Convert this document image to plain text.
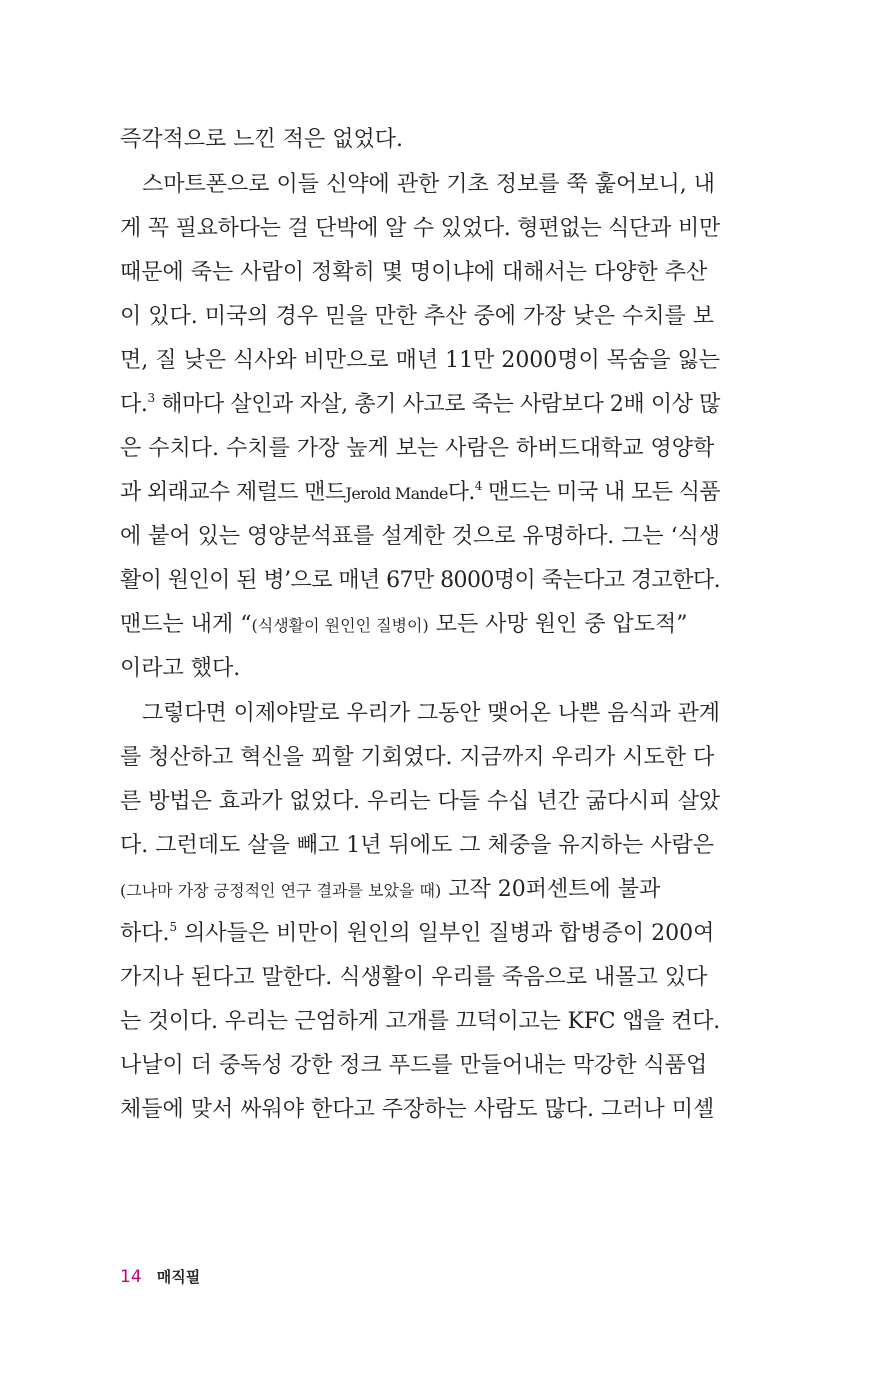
즉각적으로 느낀 적은 없었다.
스마트폰으로 이들 신약에 관한 기초 정보를 쭉 훑어보니, 내
게 꼭 필요하다는 걸 단박에 알 수 있었다. 형편없는 식단과 비만
때문에 죽는 사람이 정확히 몇 명이냐에 대해서는 다양한 추산
이 있다. 미국의 경우 믿을 만한 추산 중에 가장 낮은 수치를 보
면, 질 낮은 식사와 비만으로 매년 11만 2000명이 목숨을 잃는
다.$^3$ 해마다 살인과 자살, 총기 사고로 죽는 사람보다 2배 이상 많
은 수치다. 수치를 가장 높게 보는 사람은 하버드대학교 영양학
과 외래교수 제럴드 맨드Jerold Mande다.$^4$ 맨드는 미국 내 모든 식품
에 붙어 있는 영양분석표를 설계한 것으로 유명하다. 그는 ‘식생
활이 원인이 된 병’으로 매년 67만 8000명이 죽는다고 경고한다.
맨드는 내게 “(식생활이 원인인 질병이) 모든 사망 원인 중 압도적”
이라고 했다.
그렇다면 이제야말로 우리가 그동안 맺어온 나쁜 음식과 관계
를 청산하고 혁신을 꾀할 기회였다. 지금까지 우리가 시도한 다
른 방법은 효과가 없었다. 우리는 다들 수십 년간 굶다시피 살았
다. 그런데도 살을 빼고 1년 뒤에도 그 체중을 유지하는 사람은
(그나마 가장 긍정적인 연구 결과를 보았을 때) 고작 20퍼센트에 불과
하다.$^5$ 의사들은 비만이 원인의 일부인 질병과 합병증이 200여
가지나 된다고 말한다. 식생활이 우리를 죽음으로 내몰고 있다
는 것이다. 우리는 근엄하게 고개를 끄덕이고는 KFC 앱을 켠다.
나날이 더 중독성 강한 정크 푸드를 만들어내는 막강한 식품업
체들에 맞서 싸워야 한다고 주장하는 사람도 많다. 그러나 미셸
14 매직필
